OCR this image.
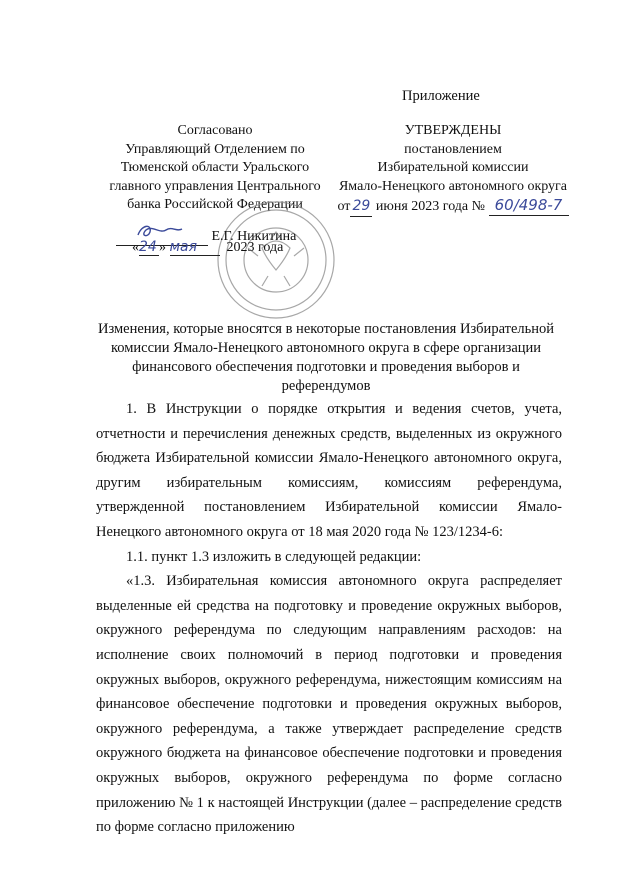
Приложение
Согласовано
Управляющий Отделением по
Тюменской области Уральского
главного управления Центрального
банка Российской Федерации
УТВЕРЖДЕНЫ
постановлением
Избирательной комиссии
Ямало-Ненецкого автономного округа
от 29 июня 2023 года № 60/498-7
Е.Г. Никитина
«24 » мая 2023 года
Изменения, которые вносятся в некоторые постановления Избирательной
комиссии Ямало-Ненецкого автономного округа в сфере организации
финансового обеспечения подготовки и проведения выборов и референдумов

1. В Инструкции о порядке открытия и ведения счетов, учета, отчетности и перечисления денежных средств, выделенных из окружного бюджета Избирательной комиссии Ямало-Ненецкого автономного округа, другим избирательным комиссиям, комиссиям референдума, утвержденной постановлением Избирательной комиссии Ямало-Ненецкого автономного округа от 18 мая 2020 года № 123/1234-6:

1.1. пункт 1.3 изложить в следующей редакции:

«1.3. Избирательная комиссия автономного округа распределяет выделенные ей средства на подготовку и проведение окружных выборов, окружного референдума по следующим направлениям расходов: на исполнение своих полномочий в период подготовки и проведения окружных выборов, окружного референдума, нижестоящим комиссиям на финансовое обеспечение подготовки и проведения окружных выборов, окружного референдума, а также утверждает распределение средств окружного бюджета на финансовое обеспечение подготовки и проведения окружных выборов, окружного референдума по форме согласно приложению № 1 к настоящей Инструкции (далее – распределение средств по форме согласно приложению
